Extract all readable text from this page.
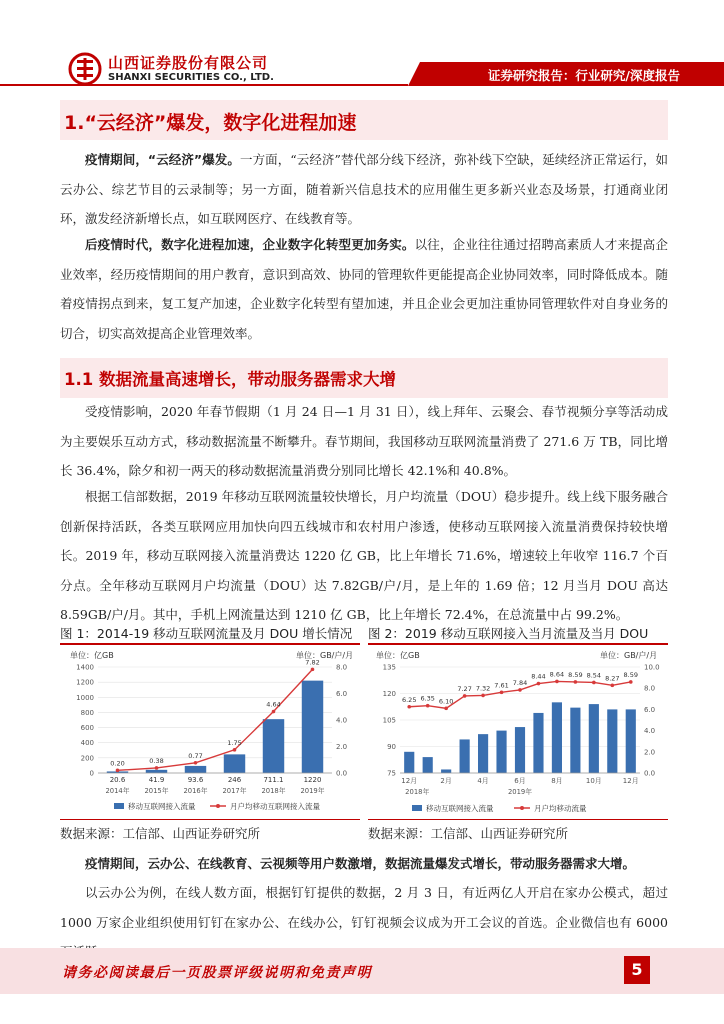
山西证券股份有限公司
SHANXI SECURITIES CO., LTD.	证券研究报告：行业研究/深度报告
1.“云经济”爆发，数字化进程加速
疫情期间，“云经济”爆发。一方面，“云经济”替代部分线下经济，弥补线下空缺，延续经济正常运行，如云办公、综艺节目的云录制等；另一方面，随着新兴信息技术的应用催生更多新兴业态及场景，打通商业闭环，激发经济新增长点，如互联网医疗、在线教育等。
后疫情时代，数字化进程加速，企业数字化转型更加务实。以往，企业往往通过招聘高素质人才来提高企业效率，经历疫情期间的用户教育，意识到高效、协同的管理软件更能提高企业协同效率，同时降低成本。随着疫情拐点到来，复工复产加速，企业数字化转型有望加速，并且企业会更加注重协同管理软件对自身业务的切合，切实高效提高企业管理效率。
1.1 数据流量高速增长，带动服务器需求大增
受疫情影响，2020 年春节假期（1 月 24 日—1 月 31 日），线上拜年、云聚会、春节视频分享等活动成为主要娱乐互动方式，移动数据流量不断攀升。春节期间，我国移动互联网流量消费了 271.6 万 TB，同比增长 36.4%，除夕和初一两天的移动数据流量消费分别同比增长 42.1%和 40.8%。
根据工信部数据，2019 年移动互联网流量较快增长，月户均流量（DOU）稳步提升。线上线下服务融合创新保持活跃，各类互联网应用加快向四五线城市和农村用户渗透，使移动互联网接入流量消费保持较快增长。2019 年，移动互联网接入流量消费达 1220 亿 GB，比上年增长 71.6%，增速较上年收窄 116.7 个百分点。全年移动互联网月户均流量（DOU）达 7.82GB/户/月，是上年的 1.69 倍；12 月当月 DOU 高达 8.59GB/户/月。其中，手机上网流量达到 1210 亿 GB，比上年增长 72.4%，在总流量中占 99.2%。
图 1：2014-19 移动互联网流量及月 DOU 增长情况 图 2：2019 移动互联网接入当月流量及当月 DOU
单位：亿GB	单位：GB/户/月
0.20	0.38
0.77
1.75
4.64
7.82
20.6	41.9	93.6	246	711.1	1220
0
200
400
600
800
1000
1200
1400
0.0
2.0
4.0
6.0
8.0
2014年 2015年 2016年 2017年 2018年 2019年
移动互联网接入流量	月户均移动互联网接入流量
单位：亿GB	单位：GB/户/月
6.25 6.35 6.10
7.27 7.32 7.61 7.84
8.44 8.64 8.59 8.54 8.27 8.59
75
90
105
120
135
0.0
2.0
4.0
6.0
8.0
10.0
12月	2月	4月	6月	8月	10月	12月
2018年	2019年
移动互联网接入流量	月户均移动流量
数据来源：工信部、山西证券研究所	数据来源：工信部、山西证券研究所
疫情期间，云办公、在线教育、云视频等用户数激增，数据流量爆发式增长，带动服务器需求大增。
以云办公为例，在线人数方面，根据钉钉提供的数据，2 月 3 日，有近两亿人开启在家办公模式，超过 1000 万家企业组织使用钉钉在家办公、在线办公，钉钉视频会议成为开工会议的首选。企业微信也有 6000
请务必阅读最后一页股票评级说明和免责声明	5
